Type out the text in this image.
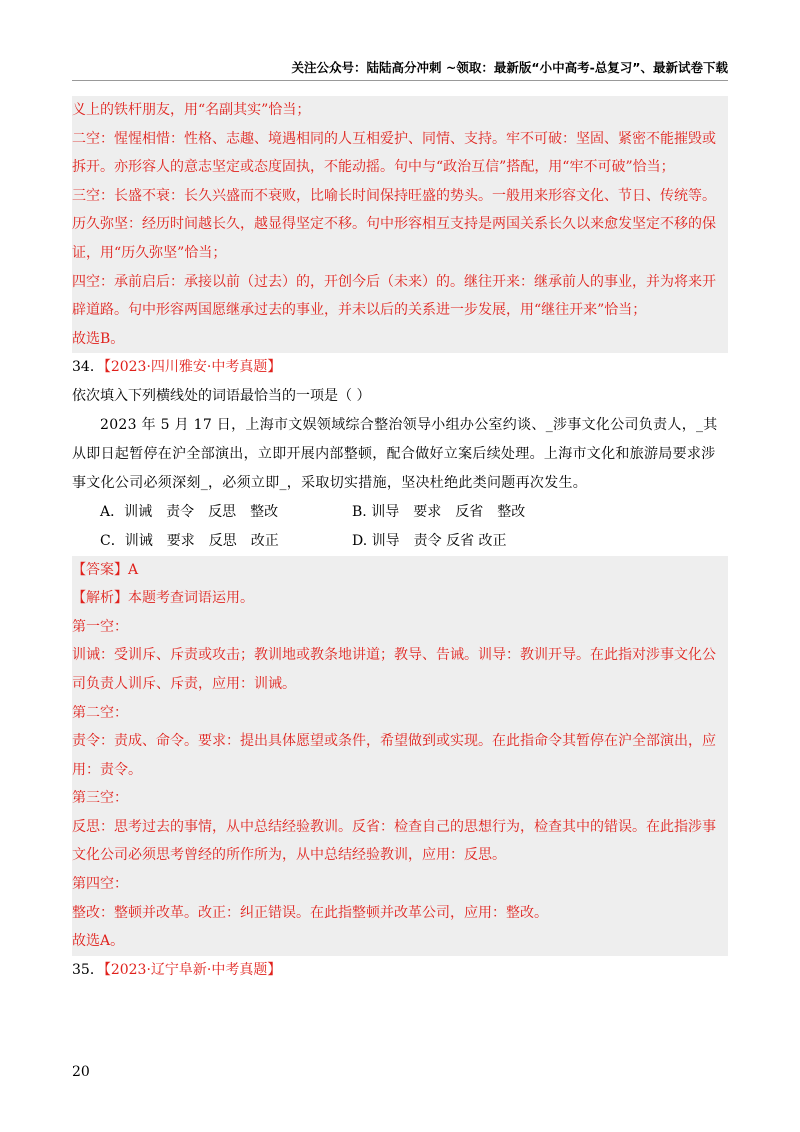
关注公众号：陆陆高分冲刺 ~领取：最新版“小中高考-总复习”、最新试卷下载
义上的铁杆朋友，用“名副其实”恰当；
二空：惺惺相惜：性格、志趣、境遇相同的人互相爱护、同情、支持。牢不可破：坚固、紧密不能摧毁或
拆开。亦形容人的意志坚定或态度固执，不能动摇。句中与“政治互信”搭配，用“牢不可破”恰当；
三空：长盛不衰：长久兴盛而不衰败，比喻长时间保持旺盛的势头。一般用来形容文化、节日、传统等。
历久弥坚：经历时间越长久，越显得坚定不移。句中形容相互支持是两国关系长久以来愈发坚定不移的保
证，用“历久弥坚”恰当；
四空：承前启后：承接以前（过去）的，开创今后（未来）的。继往开来：继承前人的事业，并为将来开
辟道路。句中形容两国愿继承过去的事业，并未以后的关系进一步发展，用“继往开来”恰当；
故选B。
34．【2023·四川雅安·中考真题】
依次填入下列横线处的词语最恰当的一项是（ ）
2023 年 5 月 17 日，上海市文娱领域综合整治领导小组办公室约谈、_涉事文化公司负责人，_其从即日起暂停在沪全部演出，立即开展内部整顿，配合做好立案后续处理。上海市文化和旅游局要求涉事文化公司必须深刻_，必须立即_，采取切实措施，坚决杜绝此类问题再次发生。
A．训诫　责令　反思　整改	B. 训导　要求　反省　整改
C．训诫　要求　反思　改正	D. 训导　责令 反省 改正
【答案】A
【解析】本题考查词语运用。
第一空：
训诫：受训斥、斥责或攻击；教训地或教条地讲道；教导、告诫。训导：教训开导。在此指对涉事文化公
司负责人训斥、斥责，应用：训诫。
第二空：
责令：责成、命令。要求：提出具体愿望或条件，希望做到或实现。在此指命令其暂停在沪全部演出，应
用：责令。
第三空：
反思：思考过去的事情，从中总结经验教训。反省：检查自己的思想行为，检查其中的错误。在此指涉事
文化公司必须思考曾经的所作所为，从中总结经验教训，应用：反思。
第四空：
整改：整顿并改革。改正：纠正错误。在此指整顿并改革公司，应用：整改。
故选A。
35．【2023·辽宁阜新·中考真题】
20
